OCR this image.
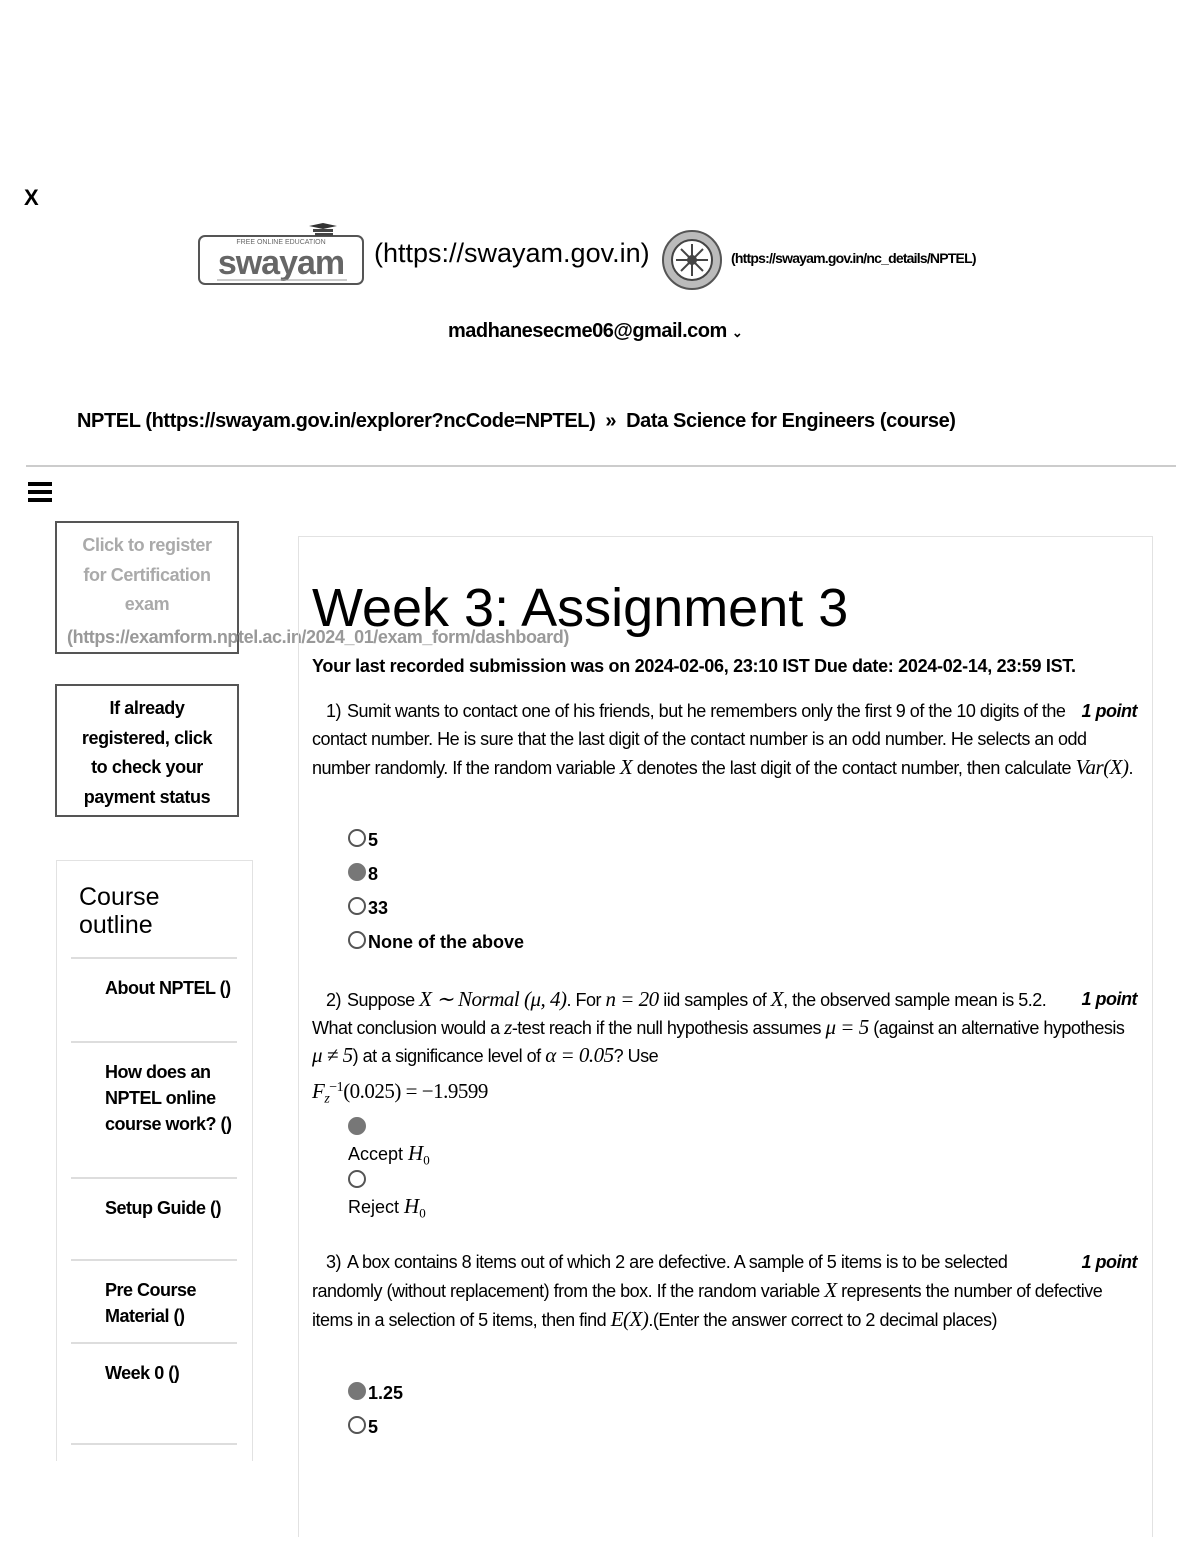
X
FREE ONLINE EDUCATION
swayam (https://swayam.gov.in)	(https://swayam.gov.in/nc_details/NPTEL)
madhanesecme06@gmail.com ⌄
NPTEL (https://swayam.gov.in/explorer?ncCode=NPTEL) » Data Science for Engineers (course)
Click to register
for Certification
exam
(https://examform.nptel.ac.in/2024_01/exam_form/dashboard)
If already
registered, click
to check your
payment status
Course outline
About NPTEL ()
How does an NPTEL online course work? ()
Setup Guide ()
Pre Course Material ()
Week 0 ()
Week 3: Assignment 3
Your last recorded submission was on 2024-02-06, 23:10 IST Due date: 2024-02-14, 23:59 IST.
1 point
1) Sumit wants to contact one of his friends, but he remembers only the first 9 of the 10 digits of the contact number. He is sure that the last digit of the contact number is an odd number. He selects an odd number randomly. If the random variable X denotes the last digit of the contact number, then calculate Var(X).
5
8
33
None of the above
1 point
2) Suppose X ∼ Normal (μ, 4). For n = 20 iid samples of X, the observed sample mean is 5.2. What conclusion would a z-test reach if the null hypothesis assumes μ = 5 (against an alternative hypothesis μ ≠ 5) at a significance level of α = 0.05? Use
$F_z^{-1}(0.025) = -1.9599$
Accept $H_0$
Reject $H_0$
1 point
3) A box contains 8 items out of which 2 are defective. A sample of 5 items is to be selected randomly (without replacement) from the box. If the random variable X represents the number of defective items in a selection of 5 items, then find E(X).(Enter the answer correct to 2 decimal places)
1.25
5
